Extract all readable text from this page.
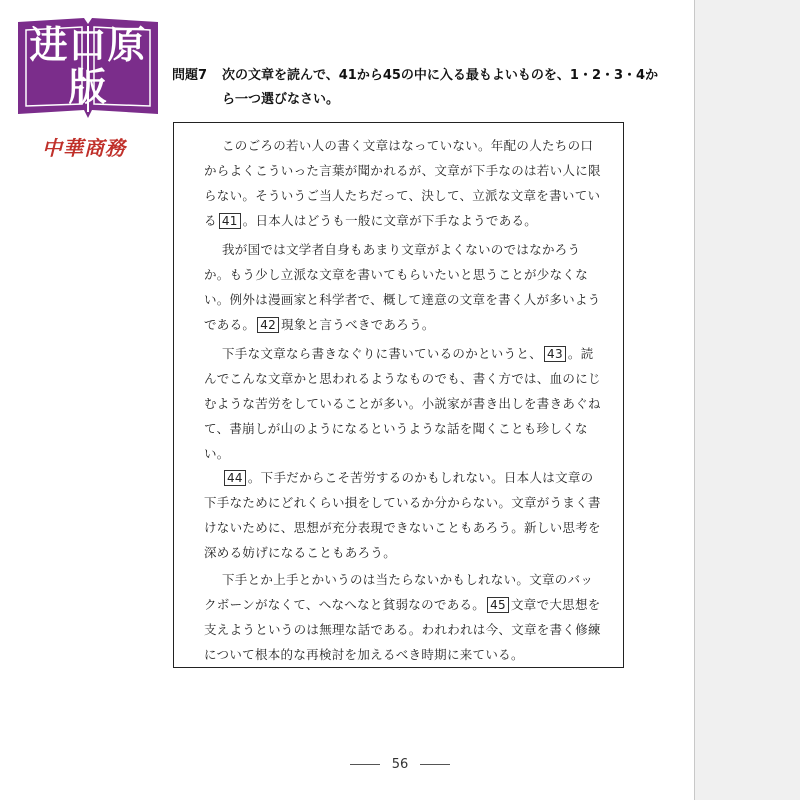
进口原版
中華商務
問題7 次の文章を読んで、41から45の中に入る最もよいものを、1・2・3・4から一つ選びなさい。
このごろの若い人の書く文章はなっていない。年配の人たちの口からよくこういった言葉が聞かれるが、文章が下手なのは若い人に限らない。そういうご当人たちだって、決して、立派な文章を書いている 41 。日本人はどうも一般に文章が下手なようである。
我が国では文学者自身もあまり文章がよくないのではなかろうか。もう少し立派な文章を書いてもらいたいと思うことが少なくない。例外は漫画家と科学者で、概して達意の文章を書く人が多いようである。 42 現象と言うべきであろう。
下手な文章なら書きなぐりに書いているのかというと、 43 。読んでこんな文章かと思われるようなものでも、書く方では、血のにじむような苦労をしていることが多い。小説家が書き出しを書きあぐねて、書崩しが山のようになるというような話を聞くことも珍しくない。
44 。下手だからこそ苦労するのかもしれない。日本人は文章の下手なためにどれくらい損をしているか分からない。文章がうまく書けないために、思想が充分表現できないこともあろう。新しい思考を深める妨げになることもあろう。
下手とか上手とかいうのは当たらないかもしれない。文章のバックボーンがなくて、へなへなと貧弱なのである。 45 文章で大思想を支えようというのは無理な話である。われわれは今、文章を書く修練について根本的な再検討を加えるべき時期に来ている。
56
